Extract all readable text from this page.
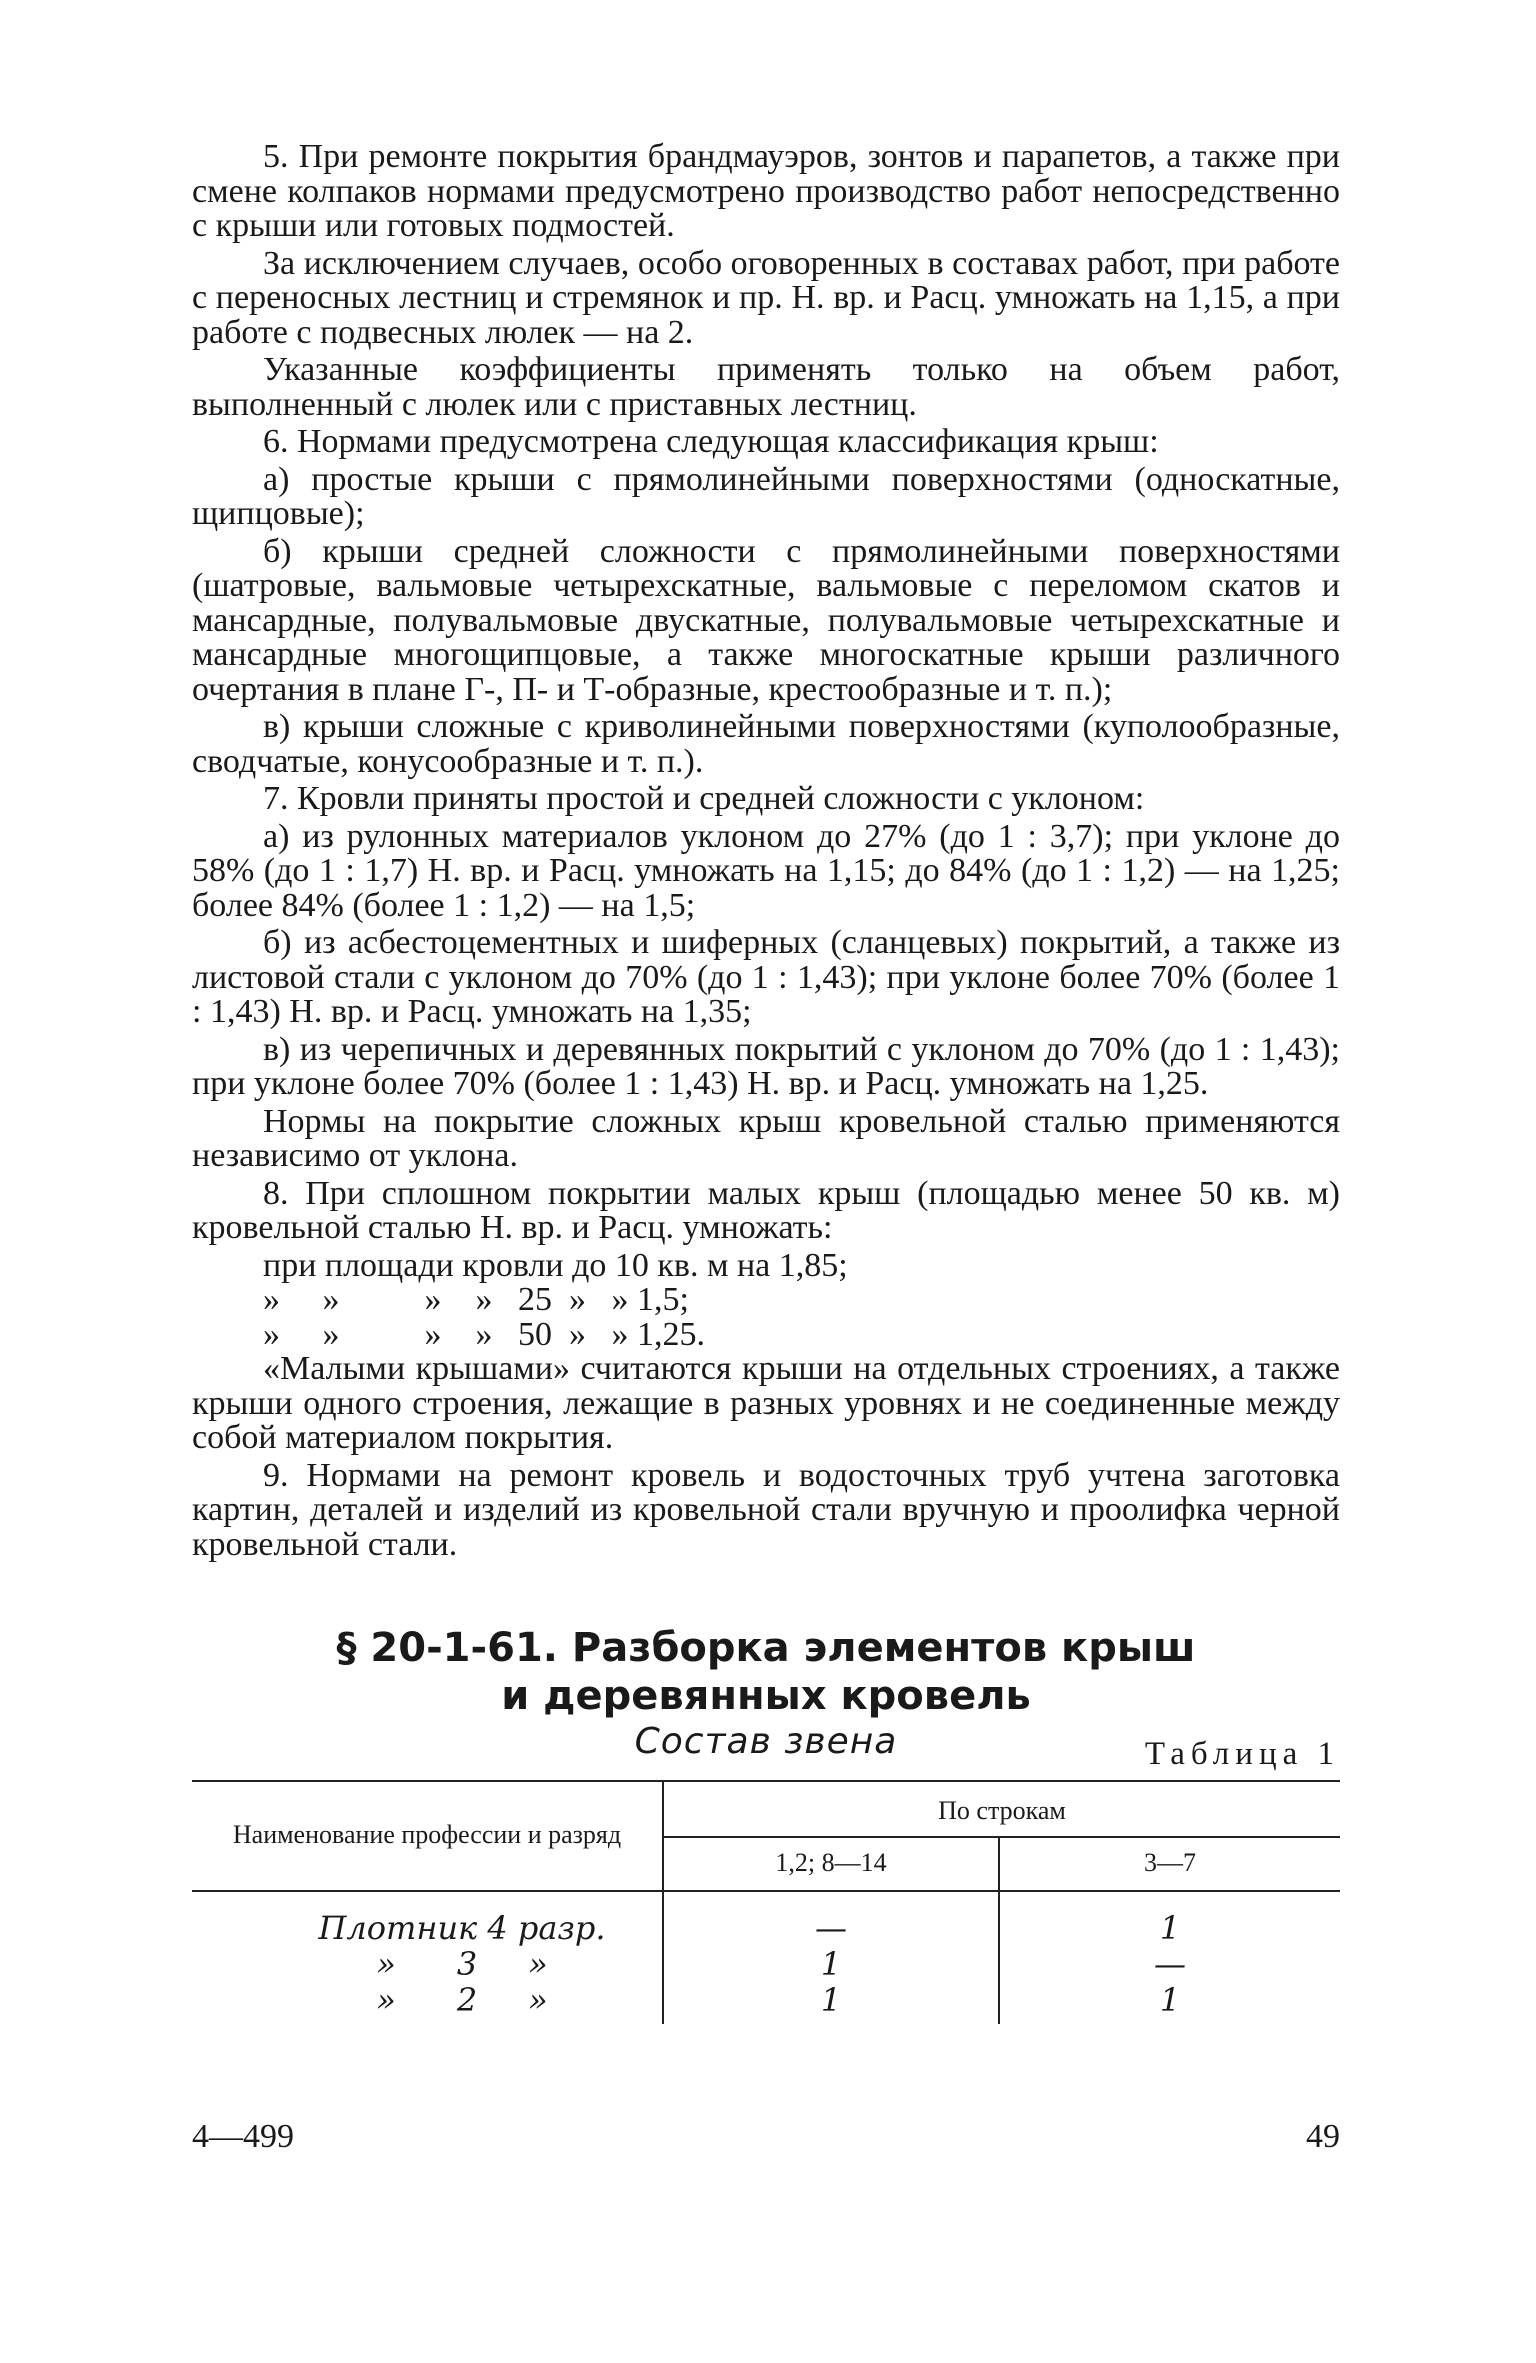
5. При ремонте покрытия брандмауэров, зонтов и парапетов, а также при смене колпаков нормами предусмотрено производство работ непосредственно с крыши или готовых подмостей.

За исключением случаев, особо оговоренных в составах работ, при работе с переносных лестниц и стремянок и пр. Н. вр. и Расц. умножать на 1,15, а при работе с подвесных люлек — на 2.

Указанные коэффициенты применять только на объем работ, выполненный с люлек или с приставных лестниц.

6. Нормами предусмотрена следующая классификация крыш:

а) простые крыши с прямолинейными поверхностями (односкатные, щипцовые);

б) крыши средней сложности с прямолинейными поверхностями (шатровые, вальмовые четырехскатные, вальмовые с переломом скатов и мансардные, полувальмовые двускатные, полувальмовые четырехскатные и мансардные многощипцовые, а также многоскатные крыши различного очертания в плане Г-, П- и Т-образные, крестообразные и т. п.);

в) крыши сложные с криволинейными поверхностями (куполообразные, сводчатые, конусообразные и т. п.).

7. Кровли приняты простой и средней сложности с уклоном:

а) из рулонных материалов уклоном до 27% (до 1 : 3,7); при уклоне до 58% (до 1 : 1,7) Н. вр. и Расц. умножать на 1,15; до 84% (до 1 : 1,2) — на 1,25; более 84% (более 1 : 1,2) — на 1,5;

б) из асбестоцементных и шиферных (сланцевых) покрытий, а также из листовой стали с уклоном до 70% (до 1 : 1,43); при уклоне более 70% (более 1 : 1,43) Н. вр. и Расц. умножать на 1,35;

в) из черепичных и деревянных покрытий с уклоном до 70% (до 1 : 1,43); при уклоне более 70% (более 1 : 1,43) Н. вр. и Расц. умножать на 1,25.

Нормы на покрытие сложных крыш кровельной сталью применяются независимо от уклона.

8. При сплошном покрытии малых крыш (площадью менее 50 кв. м) кровельной сталью Н. вр. и Расц. умножать:

при площади кровли до 10 кв. м на 1,85;
»     »          »    »   25  »   » 1,5;
»     »          »    »   50  »   » 1,25.

«Малыми крышами» считаются крыши на отдельных строениях, а также крыши одного строения, лежащие в разных уровнях и не соединенные между собой материалом покрытия.

9. Нормами на ремонт кровель и водосточных труб учтена заготовка картин, деталей и изделий из кровельной стали вручную и проолифка черной кровельной стали.

§ 20-1-61. Разборка элементов крыш
и деревянных кровель
Состав звена	Таблица 1
Наименование профессии и разряд	По строкам	
	1,2; 8—14	3—7
Плотник 4 разр.	—	1
»      3     »	1	—
»      2     »	1	1
4—499	49
